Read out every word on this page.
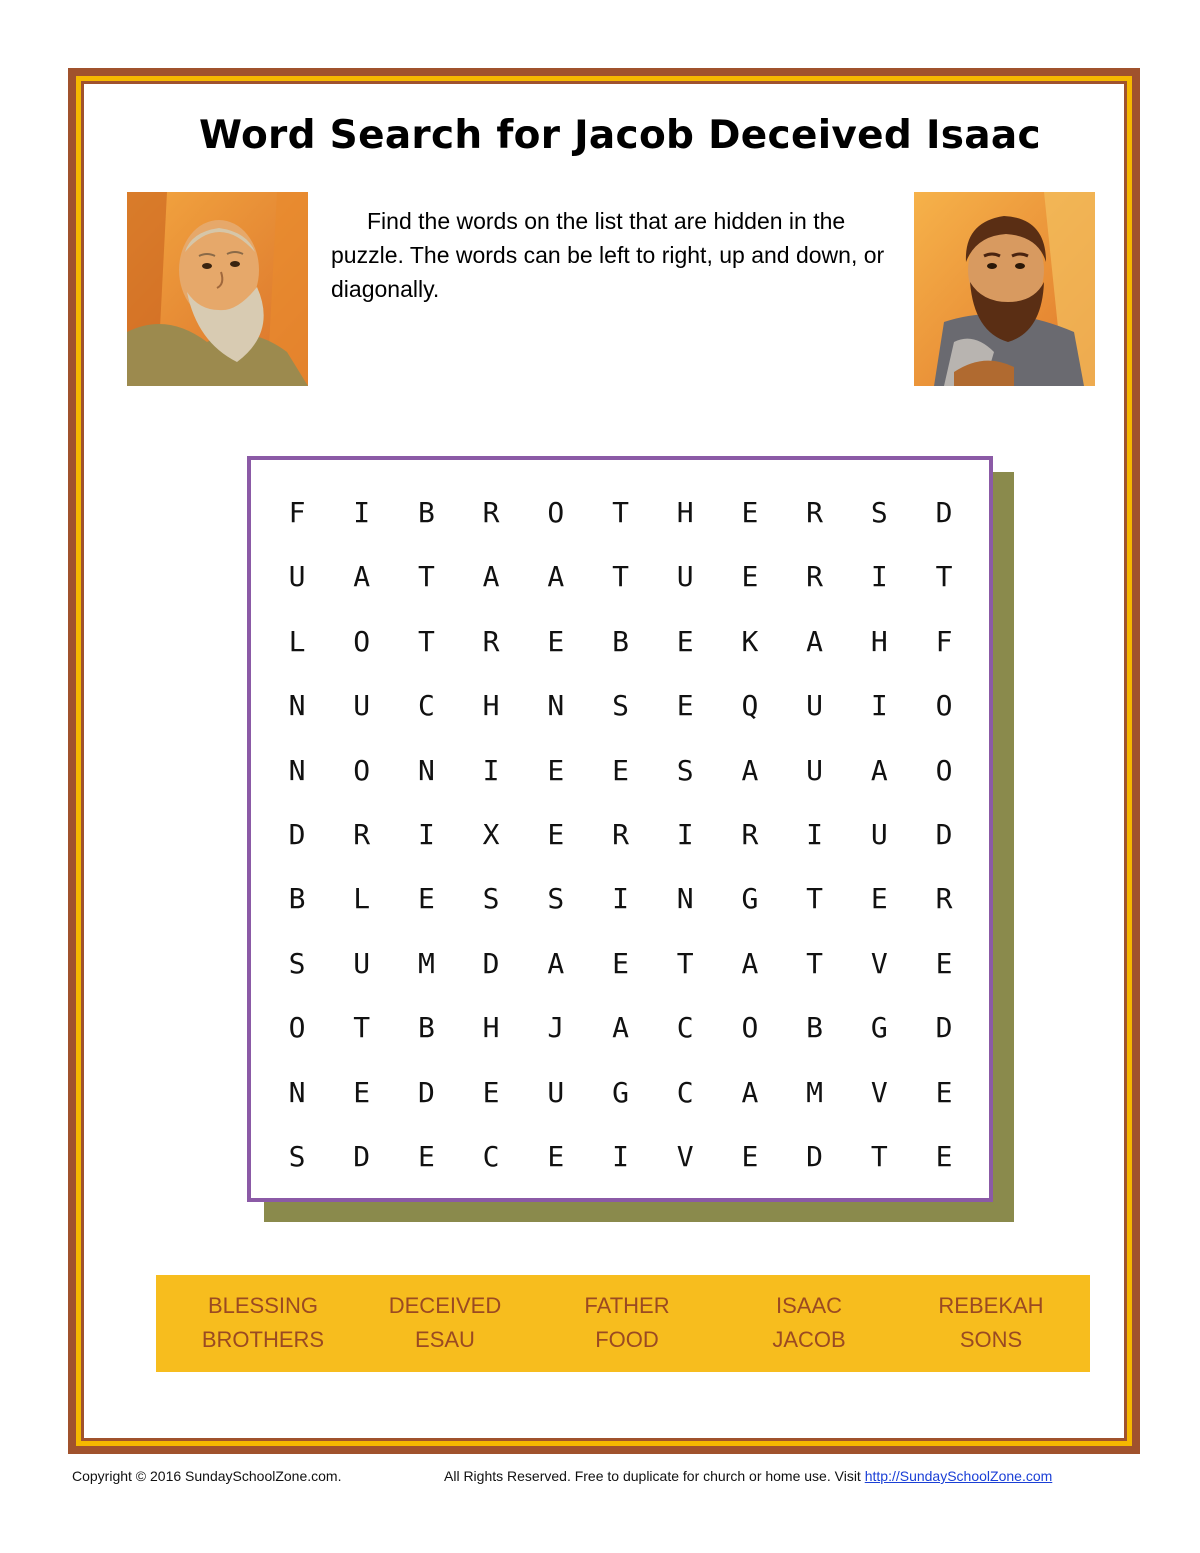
Word Search for Jacob Deceived Isaac
Find the words on the list that are hidden in the puzzle. The words can be left to right, up and down, or diagonally.
F	I	B	R	O	T	H	E	R	S	D
U	A	T	A	A	T	U	E	R	I	T
L	O	T	R	E	B	E	K	A	H	F
N	U	C	H	N	S	E	Q	U	I	O
N	O	N	I	E	E	S	A	U	A	O
D	R	I	X	E	R	I	R	I	U	D
B	L	E	S	S	I	N	G	T	E	R
S	U	M	D	A	E	T	A	T	V	E
O	T	B	H	J	A	C	O	B	G	D
N	E	D	E	U	G	C	A	M	V	E
S	D	E	C	E	I	V	E	D	T	E
BLESSING
BROTHERS
DECEIVED
ESAU
FATHER
FOOD
ISAAC
JACOB
REBEKAH
SONS
Copyright © 2016 SundaySchoolZone.com.	All Rights Reserved. Free to duplicate for church or home use. Visit http://SundaySchoolZone.com
